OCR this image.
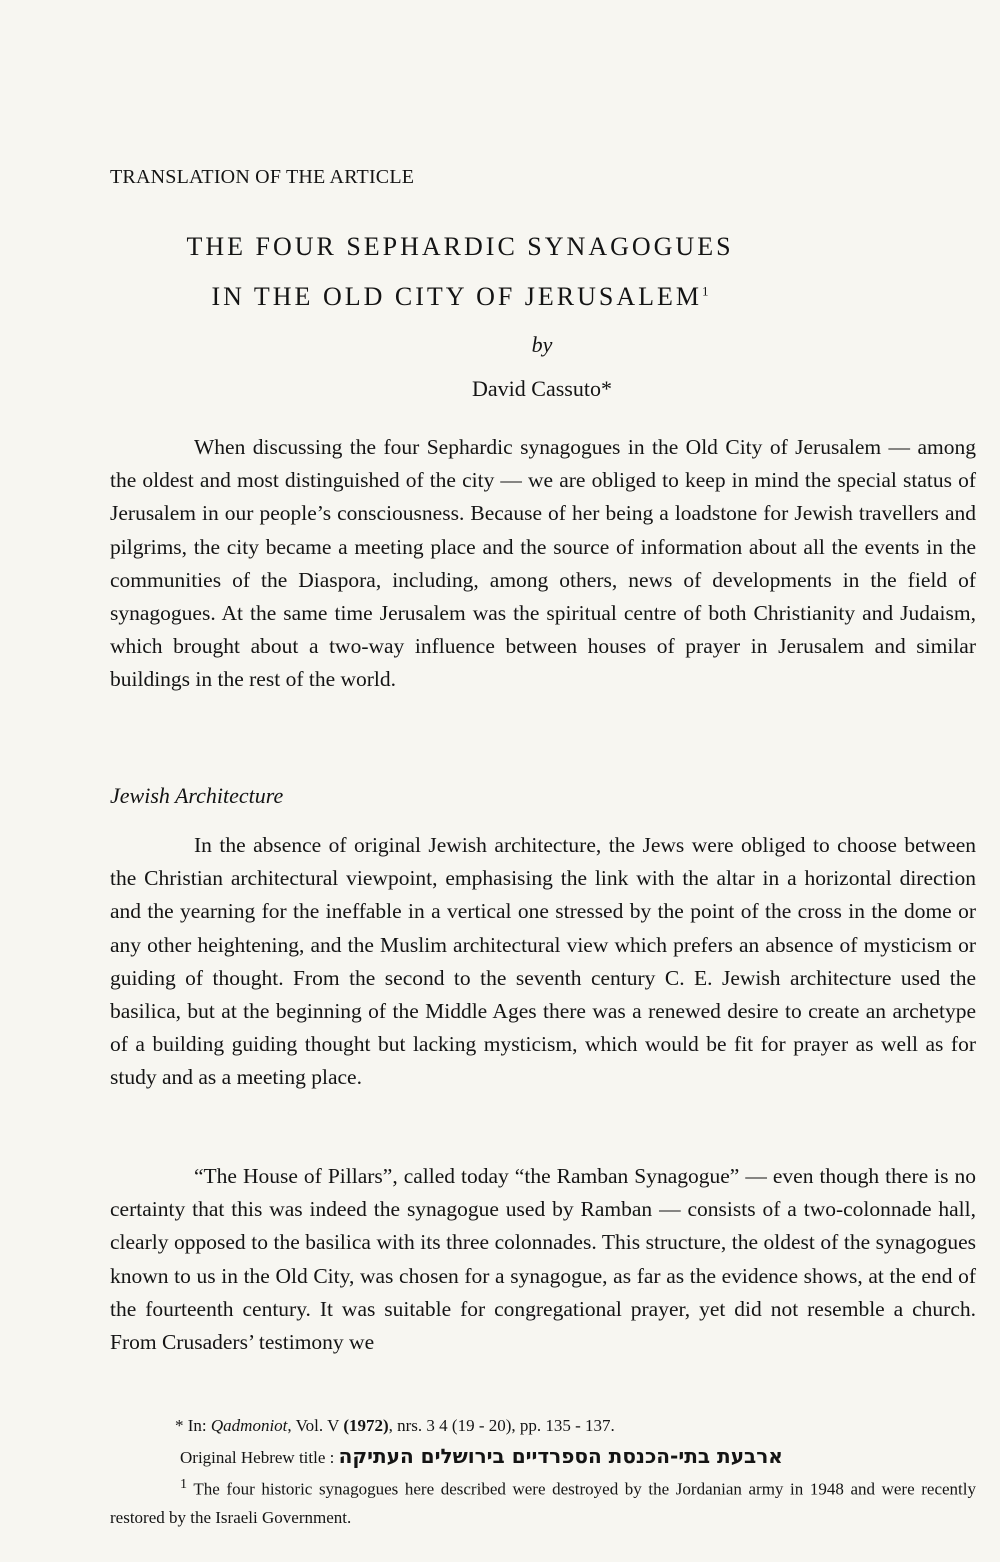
TRANSLATION OF THE ARTICLE
THE FOUR SEPHARDIC SYNAGOGUES
IN THE OLD CITY OF JERUSALEM$^1$
by
David Cassuto*

When discussing the four Sephardic synagogues in the Old City of Jerusalem — among the oldest and most distinguished of the city — we are obliged to keep in mind the special status of Jerusalem in our people’s consciousness. Because of her being a loadstone for Jewish travellers and pilgrims, the city became a meeting place and the source of information about all the events in the communities of the Diaspora, including, among others, news of developments in the field of synagogues. At the same time Jerusalem was the spiritual centre of both Christianity and Judaism, which brought about a two-way influence between houses of prayer in Jerusalem and similar buildings in the rest of the world.

Jewish Architecture

In the absence of original Jewish architecture, the Jews were obliged to choose between the Christian architectural viewpoint, emphasising the link with the altar in a horizontal direction and the yearning for the ineffable in a vertical one stressed by the point of the cross in the dome or any other heightening, and the Muslim architectural view which prefers an absence of mysticism or guiding of thought. From the second to the seventh century C. E. Jewish architecture used the basilica, but at the beginning of the Middle Ages there was a renewed desire to create an archetype of a building guiding thought but lacking mysticism, which would be fit for prayer as well as for study and as a meeting place.

“The House of Pillars”, called today “the Ramban Synagogue” — even though there is no certainty that this was indeed the synagogue used by Ramban — consists of a two-colonnade hall, clearly opposed to the basilica with its three colonnades. This structure, the oldest of the synagogues known to us in the Old City, was chosen for a synagogue, as far as the evidence shows, at the end of the fourteenth century. It was suitable for congregational prayer, yet did not resemble a church. From Crusaders’ testimony we

* In: Qadmoniot, Vol. V (1972), nrs. 3 4 (19 - 20), pp. 135 - 137.
Original Hebrew title : ארבעת בתי-הכנסת הספרדיים בירושלים העתיקה
$^1$ The four historic synagogues here described were destroyed by the Jordanian army in 1948 and were recently restored by the Israeli Government.
